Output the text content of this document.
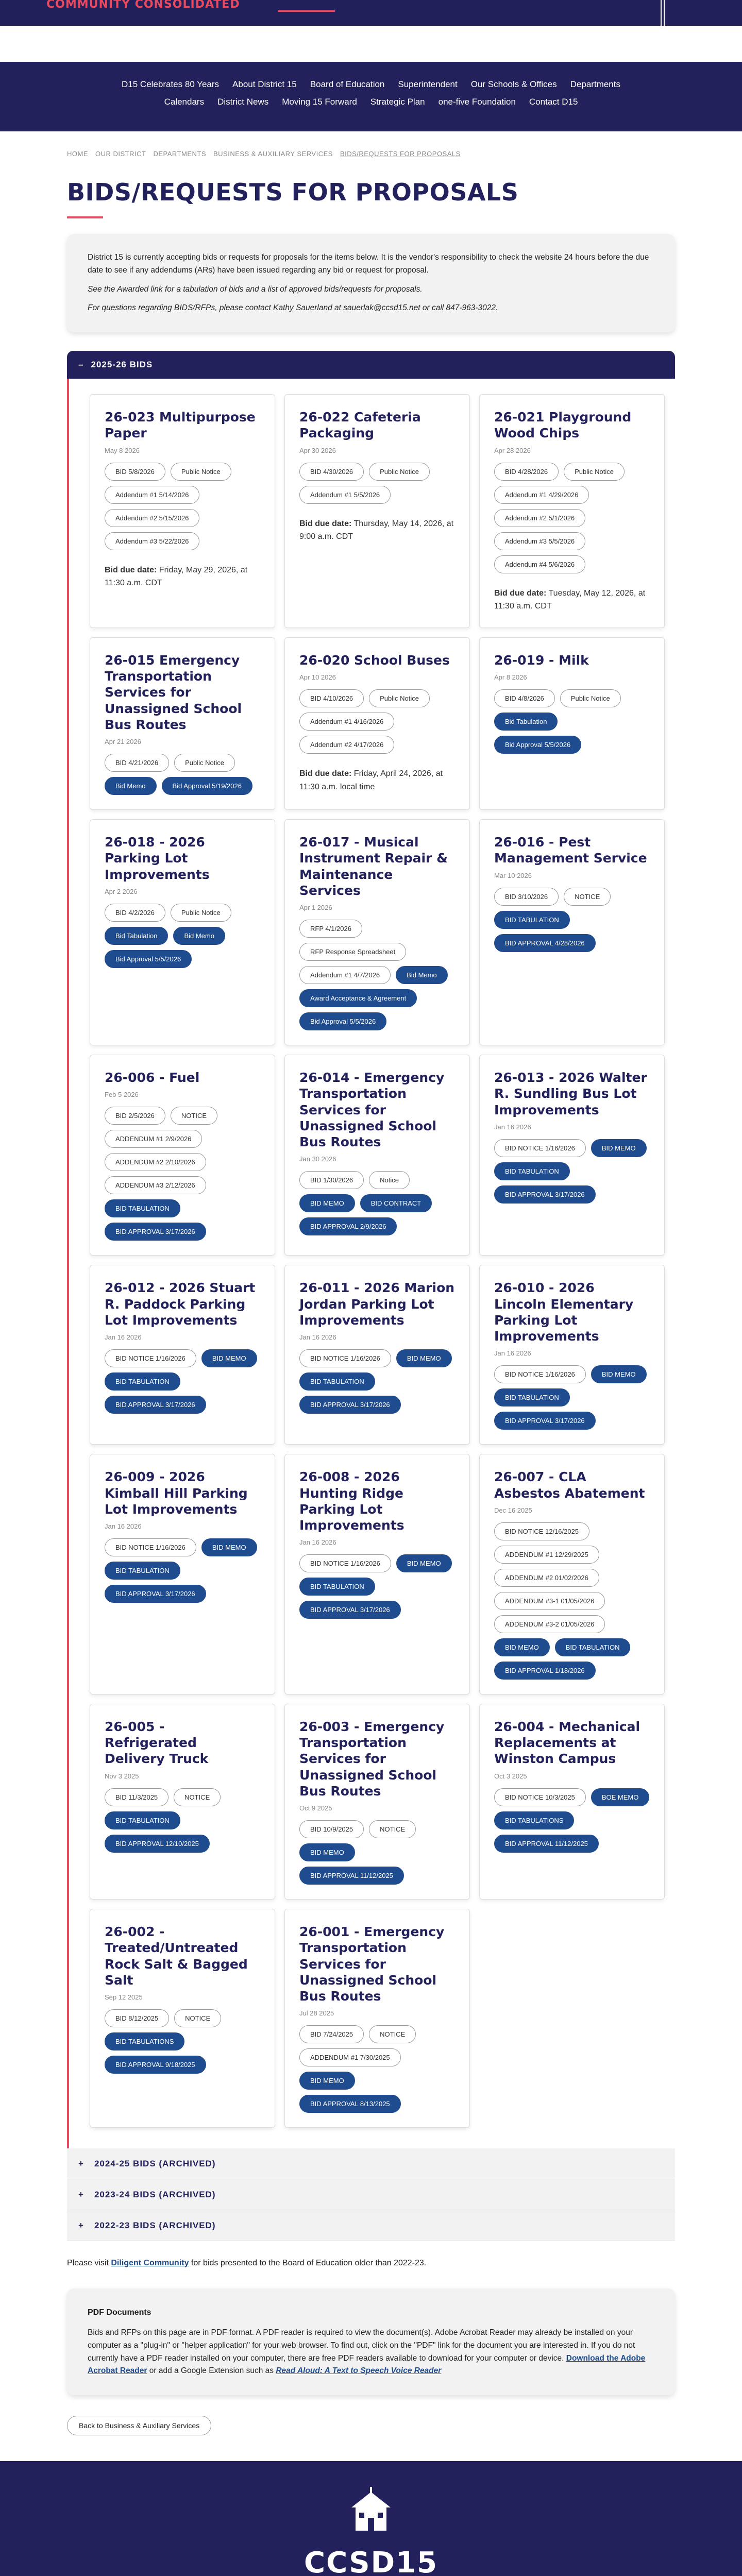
COMMUNITY CONSOLIDATED
D15 Celebrates 80 Years About District 15 Board of Education Superintendent Our Schools & Offices Departments
Calendars District News Moving 15 Forward Strategic Plan one-five Foundation Contact D15
HOME OUR DISTRICT DEPARTMENTS BUSINESS & AUXILIARY SERVICES BIDS/REQUESTS FOR PROPOSALS
BIDS/REQUESTS FOR PROPOSALS

District 15 is currently accepting bids or requests for proposals for the items below. It is the vendor's responsibility to check the website 24 hours before the due date to see if any addendums (ARs) have been issued regarding any bid or request for proposal.

See the Awarded link for a tabulation of bids and a list of approved bids/requests for proposals.

For questions regarding BIDS/RFPs, please contact Kathy Sauerland at sauerlak@ccsd15.net or call 847-963-3022.

– 2025-26 BIDS
26-023 Multipurpose Paper
May 8 2026
BID 5/8/2026	Public Notice
Addendum #1 5/14/2026
Addendum #2 5/15/2026
Addendum #3 5/22/2026
Bid due date: Friday, May 29, 2026, at 11:30 a.m. CDT
26-022 Cafeteria Packaging
Apr 30 2026
BID 4/30/2026	Public Notice
Addendum #1 5/5/2026
Bid due date: Thursday, May 14, 2026, at 9:00 a.m. CDT
26-021 Playground Wood Chips
Apr 28 2026
BID 4/28/2026	Public Notice
Addendum #1 4/29/2026
Addendum #2 5/1/2026
Addendum #3 5/5/2026
Addendum #4 5/6/2026
Bid due date: Tuesday, May 12, 2026, at 11:30 a.m. CDT
26-015 Emergency Transportation Services for Unassigned School Bus Routes
Apr 21 2026
BID 4/21/2026	Public Notice
Bid Memo	Bid Approval 5/19/2026
26-020 School Buses
Apr 10 2026
BID 4/10/2026	Public Notice
Addendum #1 4/16/2026
Addendum #2 4/17/2026
Bid due date: Friday, April 24, 2026, at 11:30 a.m. local time
26-019 - Milk
Apr 8 2026
BID 4/8/2026	Public Notice
Bid Tabulation
Bid Approval 5/5/2026
26-018 - 2026 Parking Lot Improvements
Apr 2 2026
BID 4/2/2026	Public Notice
Bid Tabulation	Bid Memo
Bid Approval 5/5/2026
26-017 - Musical Instrument Repair & Maintenance Services
Apr 1 2026
RFP 4/1/2026
RFP Response Spreadsheet
Addendum #1 4/7/2026	Bid Memo
Award Acceptance & Agreement
Bid Approval 5/5/2026
26-016 - Pest Management Service
Mar 10 2026
BID 3/10/2026	NOTICE
BID TABULATION
BID APPROVAL 4/28/2026
26-006 - Fuel
Feb 5 2026
BID 2/5/2026	NOTICE
ADDENDUM #1 2/9/2026
ADDENDUM #2 2/10/2026
ADDENDUM #3 2/12/2026
BID TABULATION
BID APPROVAL 3/17/2026
26-014 - Emergency Transportation Services for Unassigned School Bus Routes
Jan 30 2026
BID 1/30/2026	Notice
BID MEMO	BID CONTRACT
BID APPROVAL 2/9/2026
26-013 - 2026 Walter R. Sundling Bus Lot Improvements
Jan 16 2026
BID NOTICE 1/16/2026	BID MEMO
BID TABULATION
BID APPROVAL 3/17/2026
26-012 - 2026 Stuart R. Paddock Parking Lot Improvements
Jan 16 2026
BID NOTICE 1/16/2026	BID MEMO
BID TABULATION
BID APPROVAL 3/17/2026
26-011 - 2026 Marion Jordan Parking Lot Improvements
Jan 16 2026
BID NOTICE 1/16/2026	BID MEMO
BID TABULATION
BID APPROVAL 3/17/2026
26-010 - 2026 Lincoln Elementary Parking Lot Improvements
Jan 16 2026
BID NOTICE 1/16/2026	BID MEMO
BID TABULATION
BID APPROVAL 3/17/2026
26-009 - 2026 Kimball Hill Parking Lot Improvements
Jan 16 2026
BID NOTICE 1/16/2026	BID MEMO
BID TABULATION
BID APPROVAL 3/17/2026
26-008 - 2026 Hunting Ridge Parking Lot Improvements
Jan 16 2026
BID NOTICE 1/16/2026	BID MEMO
BID TABULATION
BID APPROVAL 3/17/2026
26-007 - CLA Asbestos Abatement
Dec 16 2025
BID NOTICE 12/16/2025
ADDENDUM #1 12/29/2025
ADDENDUM #2 01/02/2026
ADDENDUM #3-1 01/05/2026
ADDENDUM #3-2 01/05/2026
BID MEMO	BID TABULATION
BID APPROVAL 1/18/2026
26-005 - Refrigerated Delivery Truck
Nov 3 2025
BID 11/3/2025	NOTICE
BID TABULATION
BID APPROVAL 12/10/2025
26-003 - Emergency Transportation Services for Unassigned School Bus Routes
Oct 9 2025
BID 10/9/2025	NOTICE
BID MEMO
BID APPROVAL 11/12/2025
26-004 - Mechanical Replacements at Winston Campus
Oct 3 2025
BID NOTICE 10/3/2025	BOE MEMO
BID TABULATIONS
BID APPROVAL 11/12/2025
26-002 - Treated/Untreated Rock Salt & Bagged Salt
Sep 12 2025
BID 8/12/2025	NOTICE
BID TABULATIONS
BID APPROVAL 9/18/2025
26-001 - Emergency Transportation Services for Unassigned School Bus Routes
Jul 28 2025
BID 7/24/2025	NOTICE
ADDENDUM #1 7/30/2025
BID MEMO
BID APPROVAL 8/13/2025
+ 2024-25 BIDS (ARCHIVED)
+ 2023-24 BIDS (ARCHIVED)
+ 2022-23 BIDS (ARCHIVED)

Please visit Diligent Community for bids presented to the Board of Education older than 2022-23.

PDF Documents

Bids and RFPs on this page are in PDF format. A PDF reader is required to view the document(s). Adobe Acrobat Reader may already be installed on your computer as a "plug-in" or "helper application" for your web browser. To find out, click on the "PDF" link for the document you are interested in. If you do not currently have a PDF reader installed on your computer, there are free PDF readers available to download for your computer or device. Download the Adobe Acrobat Reader or add a Google Extension such as Read Aloud: A Text to Speech Voice Reader

Back to Business & Auxiliary Services
CCSD15
